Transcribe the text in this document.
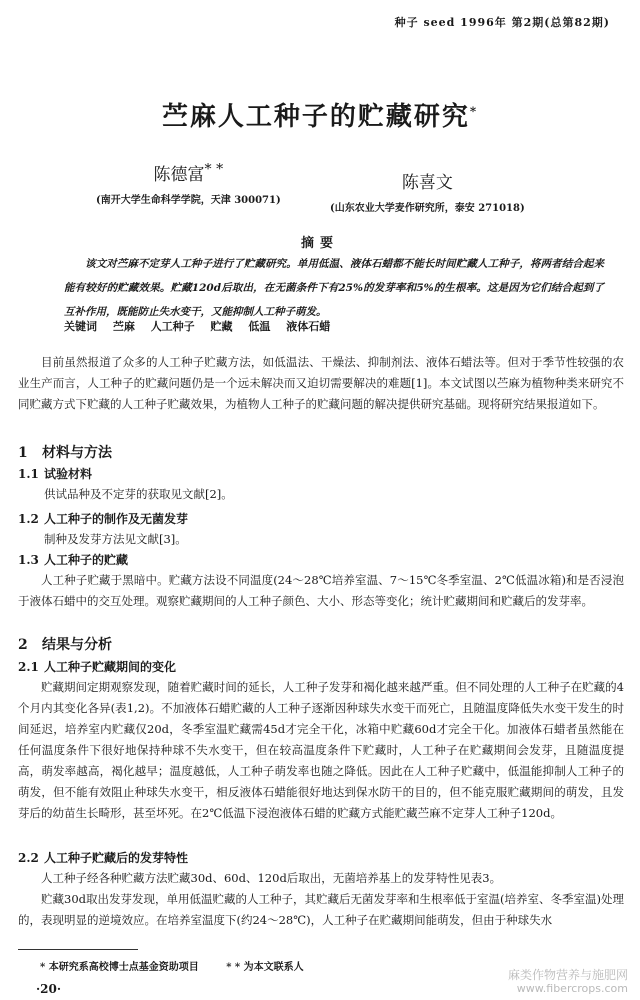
种子 seed 1996年 第2期(总第82期)
苎麻人工种子的贮藏研究*
陈德富* *
(南开大学生命科学学院，天津 300071)
陈喜文
(山东农业大学麦作研究所，泰安 271018)
摘要
该文对苎麻不定芽人工种子进行了贮藏研究。单用低温、液体石蜡都不能长时间贮藏人工种子，将两者结合起来能有较好的贮藏效果。贮藏120d后取出，在无菌条件下有25%的发芽率和5%的生根率。这是因为它们结合起到了互补作用，既能防止失水变干，又能抑制人工种子萌发。
关键词 苎麻 人工种子 贮藏 低温 液体石蜡
目前虽然报道了众多的人工种子贮藏方法，如低温法、干燥法、抑制剂法、液体石蜡法等。但对于季节性较强的农业生产而言，人工种子的贮藏问题仍是一个远未解决而又迫切需要解决的难题[1]。本文试图以苎麻为植物种类来研究不同贮藏方式下贮藏的人工种子贮藏效果，为植物人工种子的贮藏问题的解决提供研究基础。现将研究结果报道如下。
1 材料与方法
1.1 试验材料
供试品种及不定芽的获取见文献[2]。
1.2 人工种子的制作及无菌发芽
制种及发芽方法见文献[3]。
1.3 人工种子的贮藏
人工种子贮藏于黑暗中。贮藏方法设不同温度(24～28℃培养室温、7～15℃冬季室温、2℃低温冰箱)和是否浸泡于液体石蜡中的交互处理。观察贮藏期间的人工种子颜色、大小、形态等变化；统计贮藏期间和贮藏后的发芽率。
2 结果与分析
2.1 人工种子贮藏期间的变化
贮藏期间定期观察发现，随着贮藏时间的延长，人工种子发芽和褐化越来越严重。但不同处理的人工种子在贮藏的4个月内其变化各异(表1,2)。不加液体石蜡贮藏的人工种子逐渐因种球失水变干而死亡，且随温度降低失水变干发生的时间延迟，培养室内贮藏仅20d，冬季室温贮藏需45d才完全干化，冰箱中贮藏60d才完全干化。加液体石蜡者虽然能在任何温度条件下很好地保持种球不失水变干，但在较高温度条件下贮藏时，人工种子在贮藏期间会发芽，且随温度提高，萌发率越高，褐化越早；温度越低，人工种子萌发率也随之降低。因此在人工种子贮藏中，低温能抑制人工种子的萌发，但不能有效阻止种球失水变干，相反液体石蜡能很好地达到保水防干的目的，但不能克服贮藏期间的萌发，且发芽后的幼苗生长畸形，甚至坏死。在2℃低温下浸泡液体石蜡的贮藏方式能贮藏苎麻不定芽人工种子120d。
2.2 人工种子贮藏后的发芽特性
人工种子经各种贮藏方法贮藏30d、60d、120d后取出，无菌培养基上的发芽特性见表3。
贮藏30d取出发芽发现，单用低温贮藏的人工种子，其贮藏后无菌发芽率和生根率低于室温(培养室、冬季室温)处理的，表现明显的逆境效应。在培养室温度下(约24～28℃)，人工种子在贮藏期间能萌发，但由于种球失水
* 本研究系高校博士点基金资助项目	* * 为本文联系人
·20·
麻类作物营养与施肥网
www.fibercrops.com
